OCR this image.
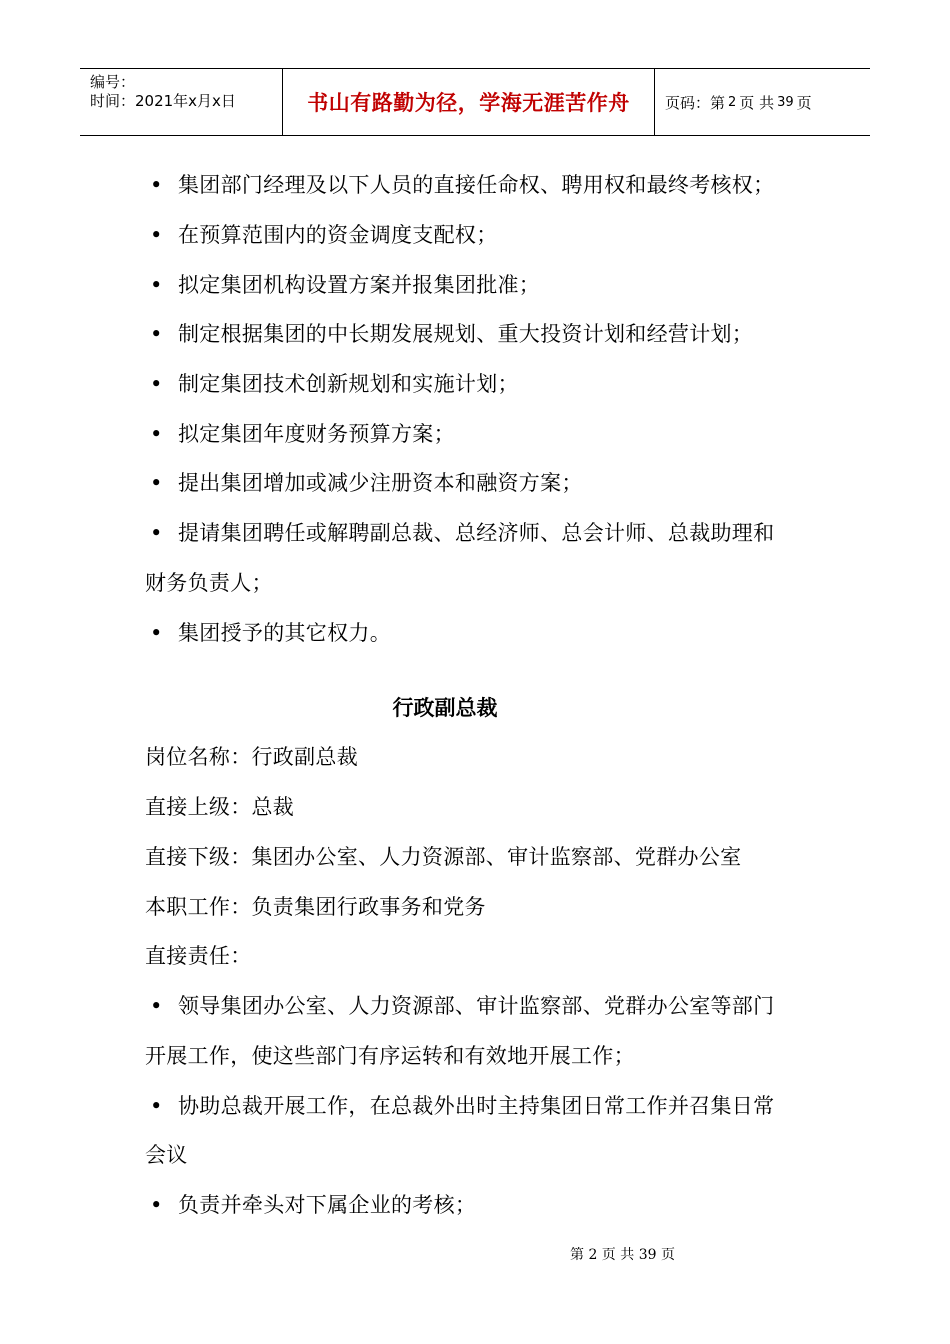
编号：
时间：2021年x月x日	书山有路勤为径，学海无涯苦作舟	页码：第 2 页 共 39 页
• 集团部门经理及以下人员的直接任命权、聘用权和最终考核权；
• 在预算范围内的资金调度支配权；
• 拟定集团机构设置方案并报集团批准；
• 制定根据集团的中长期发展规划、重大投资计划和经营计划；
• 制定集团技术创新规划和实施计划；
• 拟定集团年度财务预算方案；
• 提出集团增加或减少注册资本和融资方案；
• 提请集团聘任或解聘副总裁、总经济师、总会计师、总裁助理和
财务负责人；
• 集团授予的其它权力。
行政副总裁
岗位名称：行政副总裁
直接上级：总裁
直接下级：集团办公室、人力资源部、审计监察部、党群办公室
本职工作：负责集团行政事务和党务
直接责任：
• 领导集团办公室、人力资源部、审计监察部、党群办公室等部门
开展工作，使这些部门有序运转和有效地开展工作；
• 协助总裁开展工作，在总裁外出时主持集团日常工作并召集日常
会议
• 负责并牵头对下属企业的考核；
第 2 页 共 39 页
